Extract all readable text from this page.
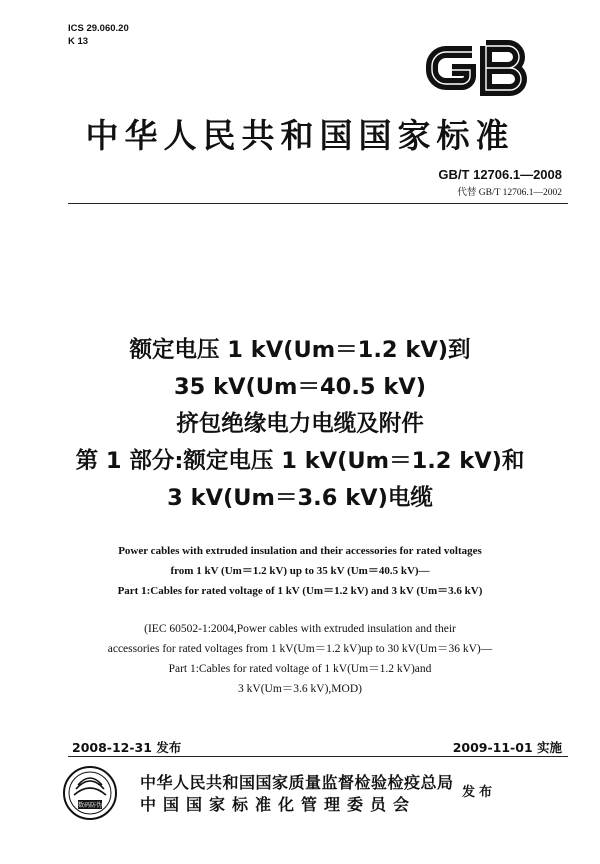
ICS 29.060.20
K 13
中华人民共和国国家标准
GB/T 12706.1—2008
代替 GB/T 12706.1—2002
额定电压 1 kV(Um＝1.2 kV)到
35 kV(Um＝40.5 kV)
挤包绝缘电力电缆及附件
第 1 部分:额定电压 1 kV(Um＝1.2 kV)和
3 kV(Um＝3.6 kV)电缆
Power cables with extruded insulation and their accessories for rated voltages
from 1 kV (Um＝1.2 kV) up to 35 kV (Um＝40.5 kV)—
Part 1:Cables for rated voltage of 1 kV (Um＝1.2 kV) and 3 kV (Um＝3.6 kV)
(IEC 60502-1:2004,Power cables with extruded insulation and their
accessories for rated voltages from 1 kV(Um＝1.2 kV)up to 30 kV(Um＝36 kV)—
Part 1:Cables for rated voltage of 1 kV(Um＝1.2 kV)and
3 kV(Um＝3.6 kV),MOD)
2008-12-31 发布	2009-11-01 实施
数码防伪
中华人民共和国国家质量监督检验检疫总局
中国国家标准化管理委员会
发布
